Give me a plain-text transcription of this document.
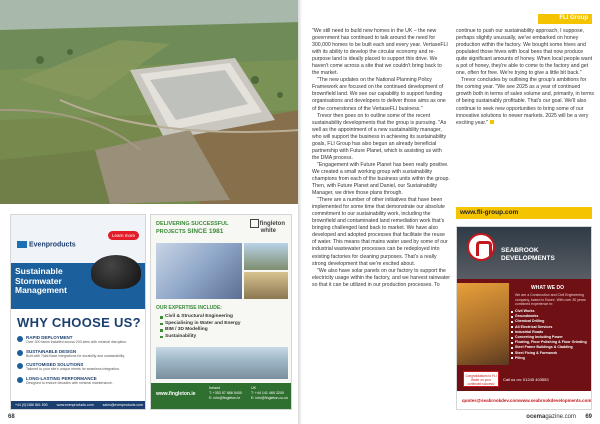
Evenproducts
Learn more
Sustainable Stormwater Management
WHY CHOOSE US?
RAPID DEPLOYMENT
Over 300 tanks installed across 200 sites with minimal disruption.
SUSTAINABLE DESIGN
Built with Tidal Base integrations for durability and sustainability.
CUSTOMISED SOLUTIONS
Tailored to your site's unique needs for seamless integration.
LONG-LASTING PERFORMANCE
Designed to endure decades with minimal maintenance.
+44 (0)1386 861 500	www.evenproducts.com	sales@evenproducts.com
DELIVERING SUCCESSFUL
PROJECTS SINCE 1981
fingleton
white
OUR EXPERTISE INCLUDE:
Civil & Structural Engineering
Specialising in Water and Energy
BIM / 3D Modelling
Sustainability
www.fingleton.ie
Ireland
T: +353 57 866 5400
E: info@fingleton.ie
UK
T: +44 141 465 3200
E: info@fingleton.co.uk
68
FLI Group

"We still need to build new homes in the UK – the new government has continued to talk around the need for 300,000 homes to be built each and every year. VertaseFLI with its ability to develop the circular economy and re-purpose land is ideally placed to support this drive. We haven't come across a site that we couldn't bring back to the market.

"The new updates on the National Planning Policy Framework are focused on the continued development of brownfield land. We see our capability to support funding organisations and developers to deliver those aims as one of the cornerstones of the VertaseFLI business."

Trevor then goes on to outline some of the recent sustainability developments that the group is pursuing. "As well as the appointment of a new sustainability manager, who will support the business in achieving its sustainability goals, FLI Group has also begun an already beneficial partnership with Future Planet, which is assisting us with the DMA process.

"Engagement with Future Planet has been really positive. We created a small working group with sustainability champions from each of the business units within the group. Then, with Future Planet and Daniel, our Sustainability Manager, we drive those plans through.

"There are a number of other initiatives that have been implemented for some time that demonstrate our absolute commitment to our sustainability work, including the brownfield and contaminated land remediation work that's bringing challenged land back to market. We have also developed and adopted processes that facilitate the reuse of water. This means that mains water used by some of our industrial wastewater processes can be redeployed into existing factories for cleaning purposes. That's a really strong development that we're excited about.

"We also have solar panels on our factory to support the electricity usage within the factory, and we harvest rainwater so that it can be utilized in our production processes. To

continue to push our sustainability approach, I suppose, perhaps slightly unusually, we've embarked on honey production within the factory. We bought some hives and populated those hives with local bees that now produce quite significant amounts of honey. When local people want a pot of honey, they're able to come to the factory and get one, often for free. We're trying to give a little bit back."

Trevor concludes by outlining the group's ambitions for the coming year. "We see 2025 as a year of continued growth both in terms of sales volume and, primarily, in terms of being sustainably profitable. That's our goal. We'll also continue to seek new opportunities to bring some of our innovative solutions to newer markets. 2025 will be a very exciting year."

www.fli-group.com
SEABROOK
DEVELOPMENTS
WHAT WE DO
We are a Construction and Civil Engineering company, based in Essex. With over 30 years combined experience in:
Civil Works
Groundworks
Chemical Drilling
All Electrical Services
Industrial Roads
Concreting Including Power
Floating, Floor Polishing & Floor Grinding
Steel Frame Buildings & Cladding
Steel Fixing & Formwork
Piling
Congratulations to FLI Water on your continued success!
Call us on: 01245 403553
quotes@seabrookdev.com www.seabrookdevelopments.com
ocemagazine.com 69
